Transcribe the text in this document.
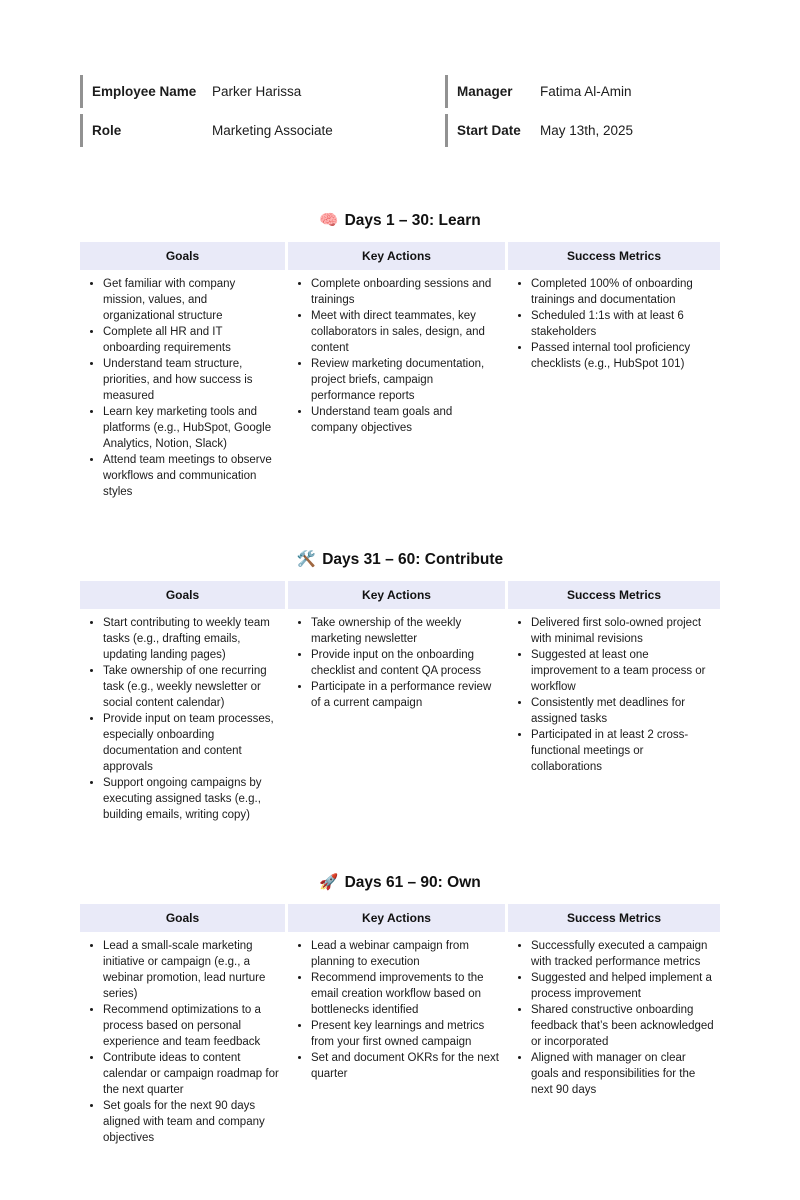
Employee Name	Parker Harissa	Manager	Fatima Al-Amin
Role	Marketing Associate	Start Date	May 13th, 2025
🧠 Days 1 – 30: Learn
Goals	Key Actions	Success Metrics

• Get familiar with company mission, values, and organizational structure
• Complete all HR and IT onboarding requirements
• Understand team structure, priorities, and how success is measured
• Learn key marketing tools and platforms (e.g., HubSpot, Google Analytics, Notion, Slack)
• Attend team meetings to observe workflows and communication styles

• Complete onboarding sessions and trainings
• Meet with direct teammates, key collaborators in sales, design, and content
• Review marketing documentation, project briefs, campaign performance reports
• Understand team goals and company objectives

• Completed 100% of onboarding trainings and documentation
• Scheduled 1:1s with at least 6 stakeholders
• Passed internal tool proficiency checklists (e.g., HubSpot 101)
🛠️ Days 31 – 60: Contribute
Goals	Key Actions	Success Metrics

• Start contributing to weekly team tasks (e.g., drafting emails, updating landing pages)
• Take ownership of one recurring task (e.g., weekly newsletter or social content calendar)
• Provide input on team processes, especially onboarding documentation and content approvals
• Support ongoing campaigns by executing assigned tasks (e.g., building emails, writing copy)

• Take ownership of the weekly marketing newsletter
• Provide input on the onboarding checklist and content QA process
• Participate in a performance review of a current campaign

• Delivered first solo-owned project with minimal revisions
• Suggested at least one improvement to a team process or workflow
• Consistently met deadlines for assigned tasks
• Participated in at least 2 cross-functional meetings or collaborations
🚀 Days 61 – 90: Own
Goals	Key Actions	Success Metrics

• Lead a small-scale marketing initiative or campaign (e.g., a webinar promotion, lead nurture series)
• Recommend optimizations to a process based on personal experience and team feedback
• Contribute ideas to content calendar or campaign roadmap for the next quarter
• Set goals for the next 90 days aligned with team and company objectives

• Lead a webinar campaign from planning to execution
• Recommend improvements to the email creation workflow based on bottlenecks identified
• Present key learnings and metrics from your first owned campaign
• Set and document OKRs for the next quarter

• Successfully executed a campaign with tracked performance metrics
• Suggested and helped implement a process improvement
• Shared constructive onboarding feedback that’s been acknowledged or incorporated
• Aligned with manager on clear goals and responsibilities for the next 90 days
